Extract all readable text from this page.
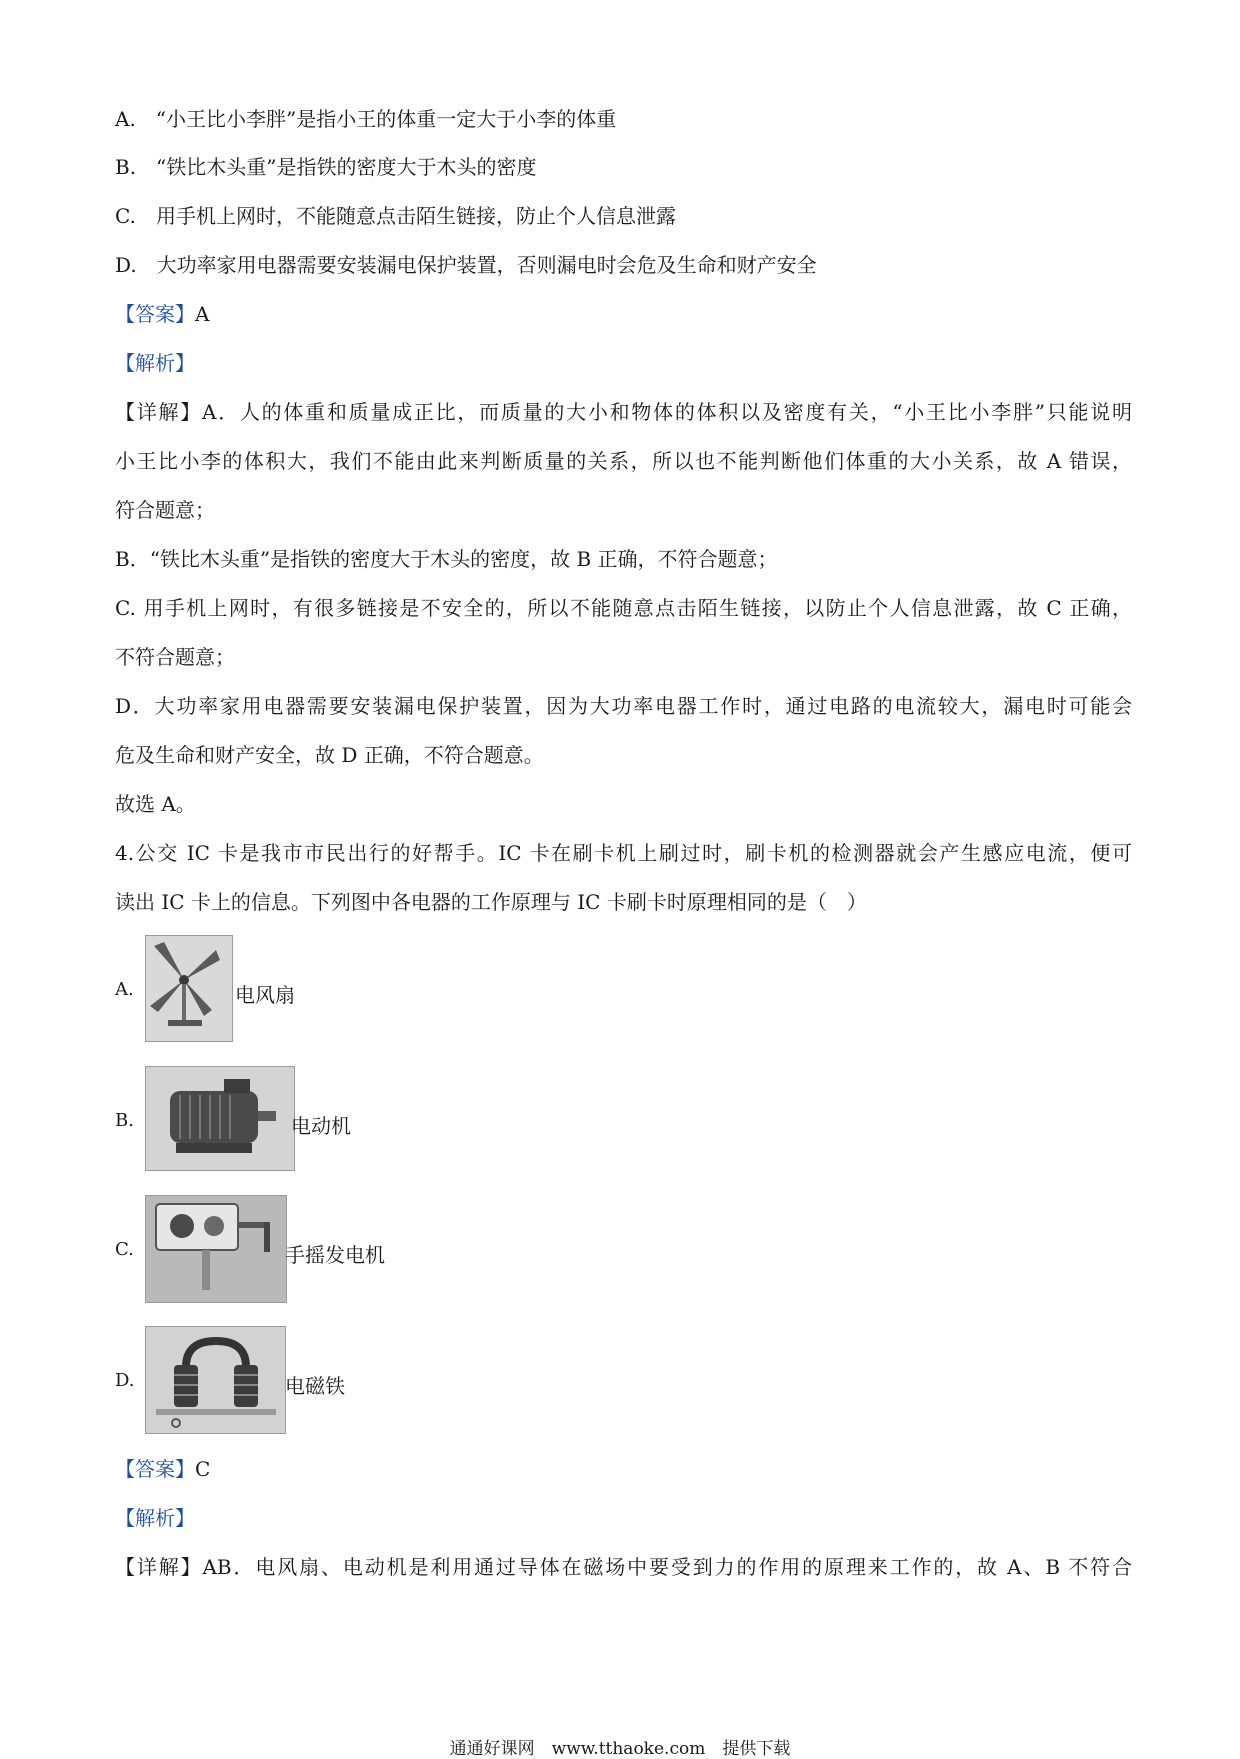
A.　“小王比小李胖”是指小王的体重一定大于小李的体重
B.　“铁比木头重”是指铁的密度大于木头的密度
C.　用手机上网时，不能随意点击陌生链接，防止个人信息泄露
D.　大功率家用电器需要安装漏电保护装置，否则漏电时会危及生命和财产安全
【答案】A
【解析】
【详解】A．人的体重和质量成正比，而质量的大小和物体的体积以及密度有关，“小王比小李胖”只能说明
小王比小李的体积大，我们不能由此来判断质量的关系，所以也不能判断他们体重的大小关系，故 A 错误，
符合题意；
B．“铁比木头重”是指铁的密度大于木头的密度，故 B 正确，不符合题意；
C. 用手机上网时，有很多链接是不安全的，所以不能随意点击陌生链接，以防止个人信息泄露，故 C 正确，
不符合题意；
D．大功率家用电器需要安装漏电保护装置，因为大功率电器工作时，通过电路的电流较大，漏电时可能会
危及生命和财产安全，故 D 正确，不符合题意。
故选 A。
4.公交 IC 卡是我市市民出行的好帮手。IC 卡在刷卡机上刷过时，刷卡机的检测器就会产生感应电流，便可
读出 IC 卡上的信息。下列图中各电器的工作原理与 IC 卡刷卡时原理相同的是（　）
A.	电风扇
B.	电动机
C.	手摇发电机
D.	电磁铁
【答案】C
【解析】
【详解】AB．电风扇、电动机是利用通过导体在磁场中要受到力的作用的原理来工作的，故 A、B 不符合
通通好课网　www.tthaoke.com　提供下载
